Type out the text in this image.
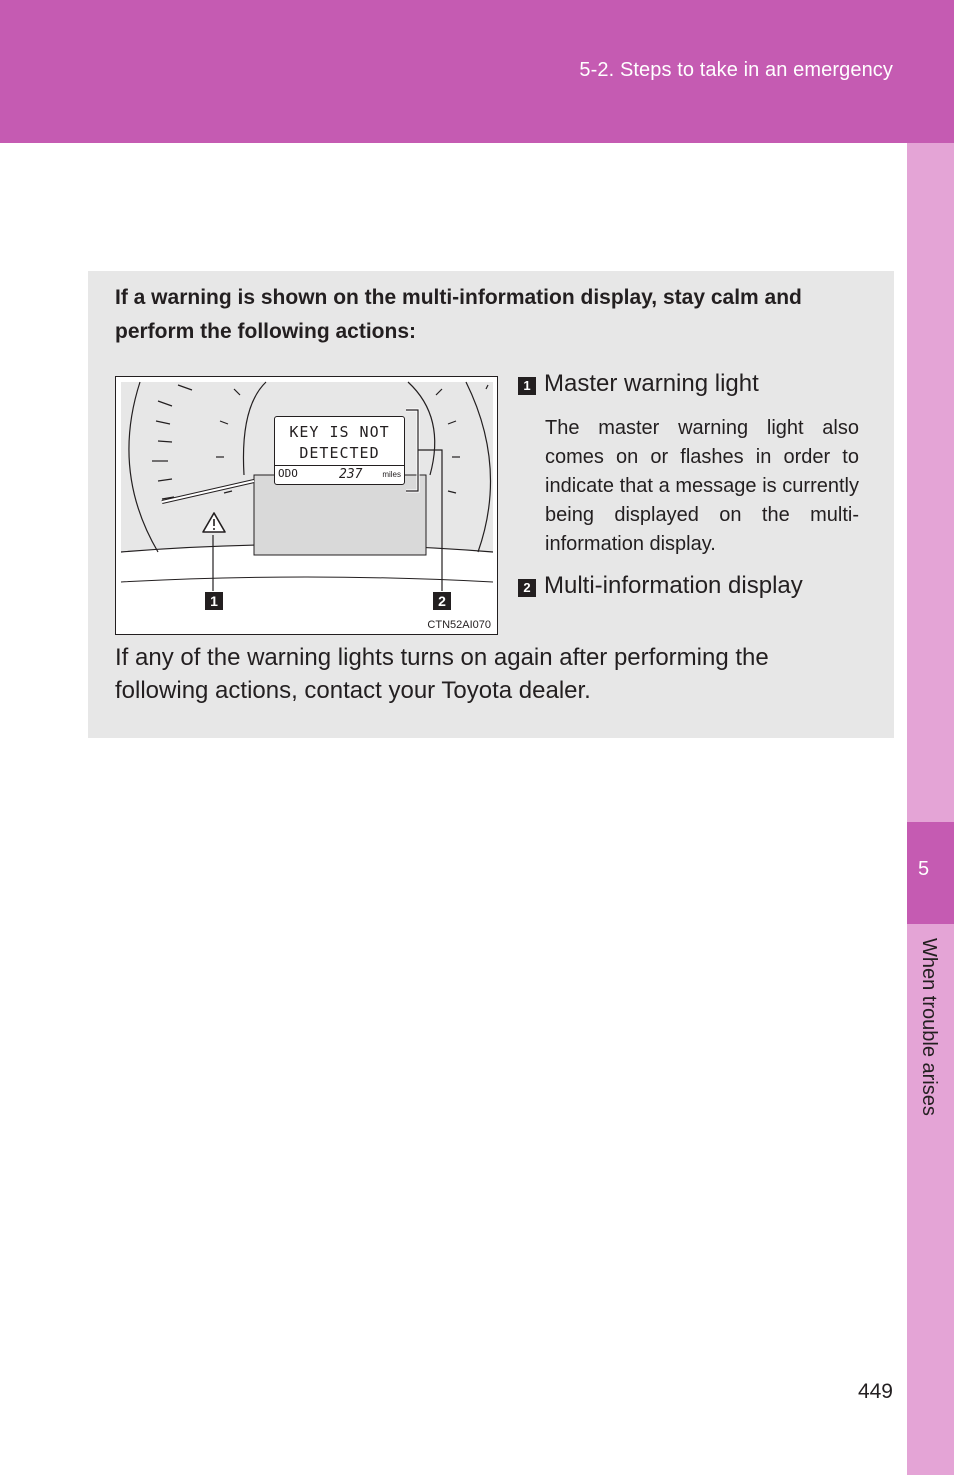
5-2. Steps to take in an emergency
5
When trouble arises
If a warning is shown on the multi-information display, stay calm and perform the following actions:
KEY IS NOT
DETECTED
ODO	237 miles
1	2
CTN52AI070
1 Master warning light
The master warning light also comes on or flashes in order to indicate that a message is currently being displayed on the multi-information display.
2 Multi-information display
If any of the warning lights turns on again after performing the following actions, contact your Toyota dealer.
449
